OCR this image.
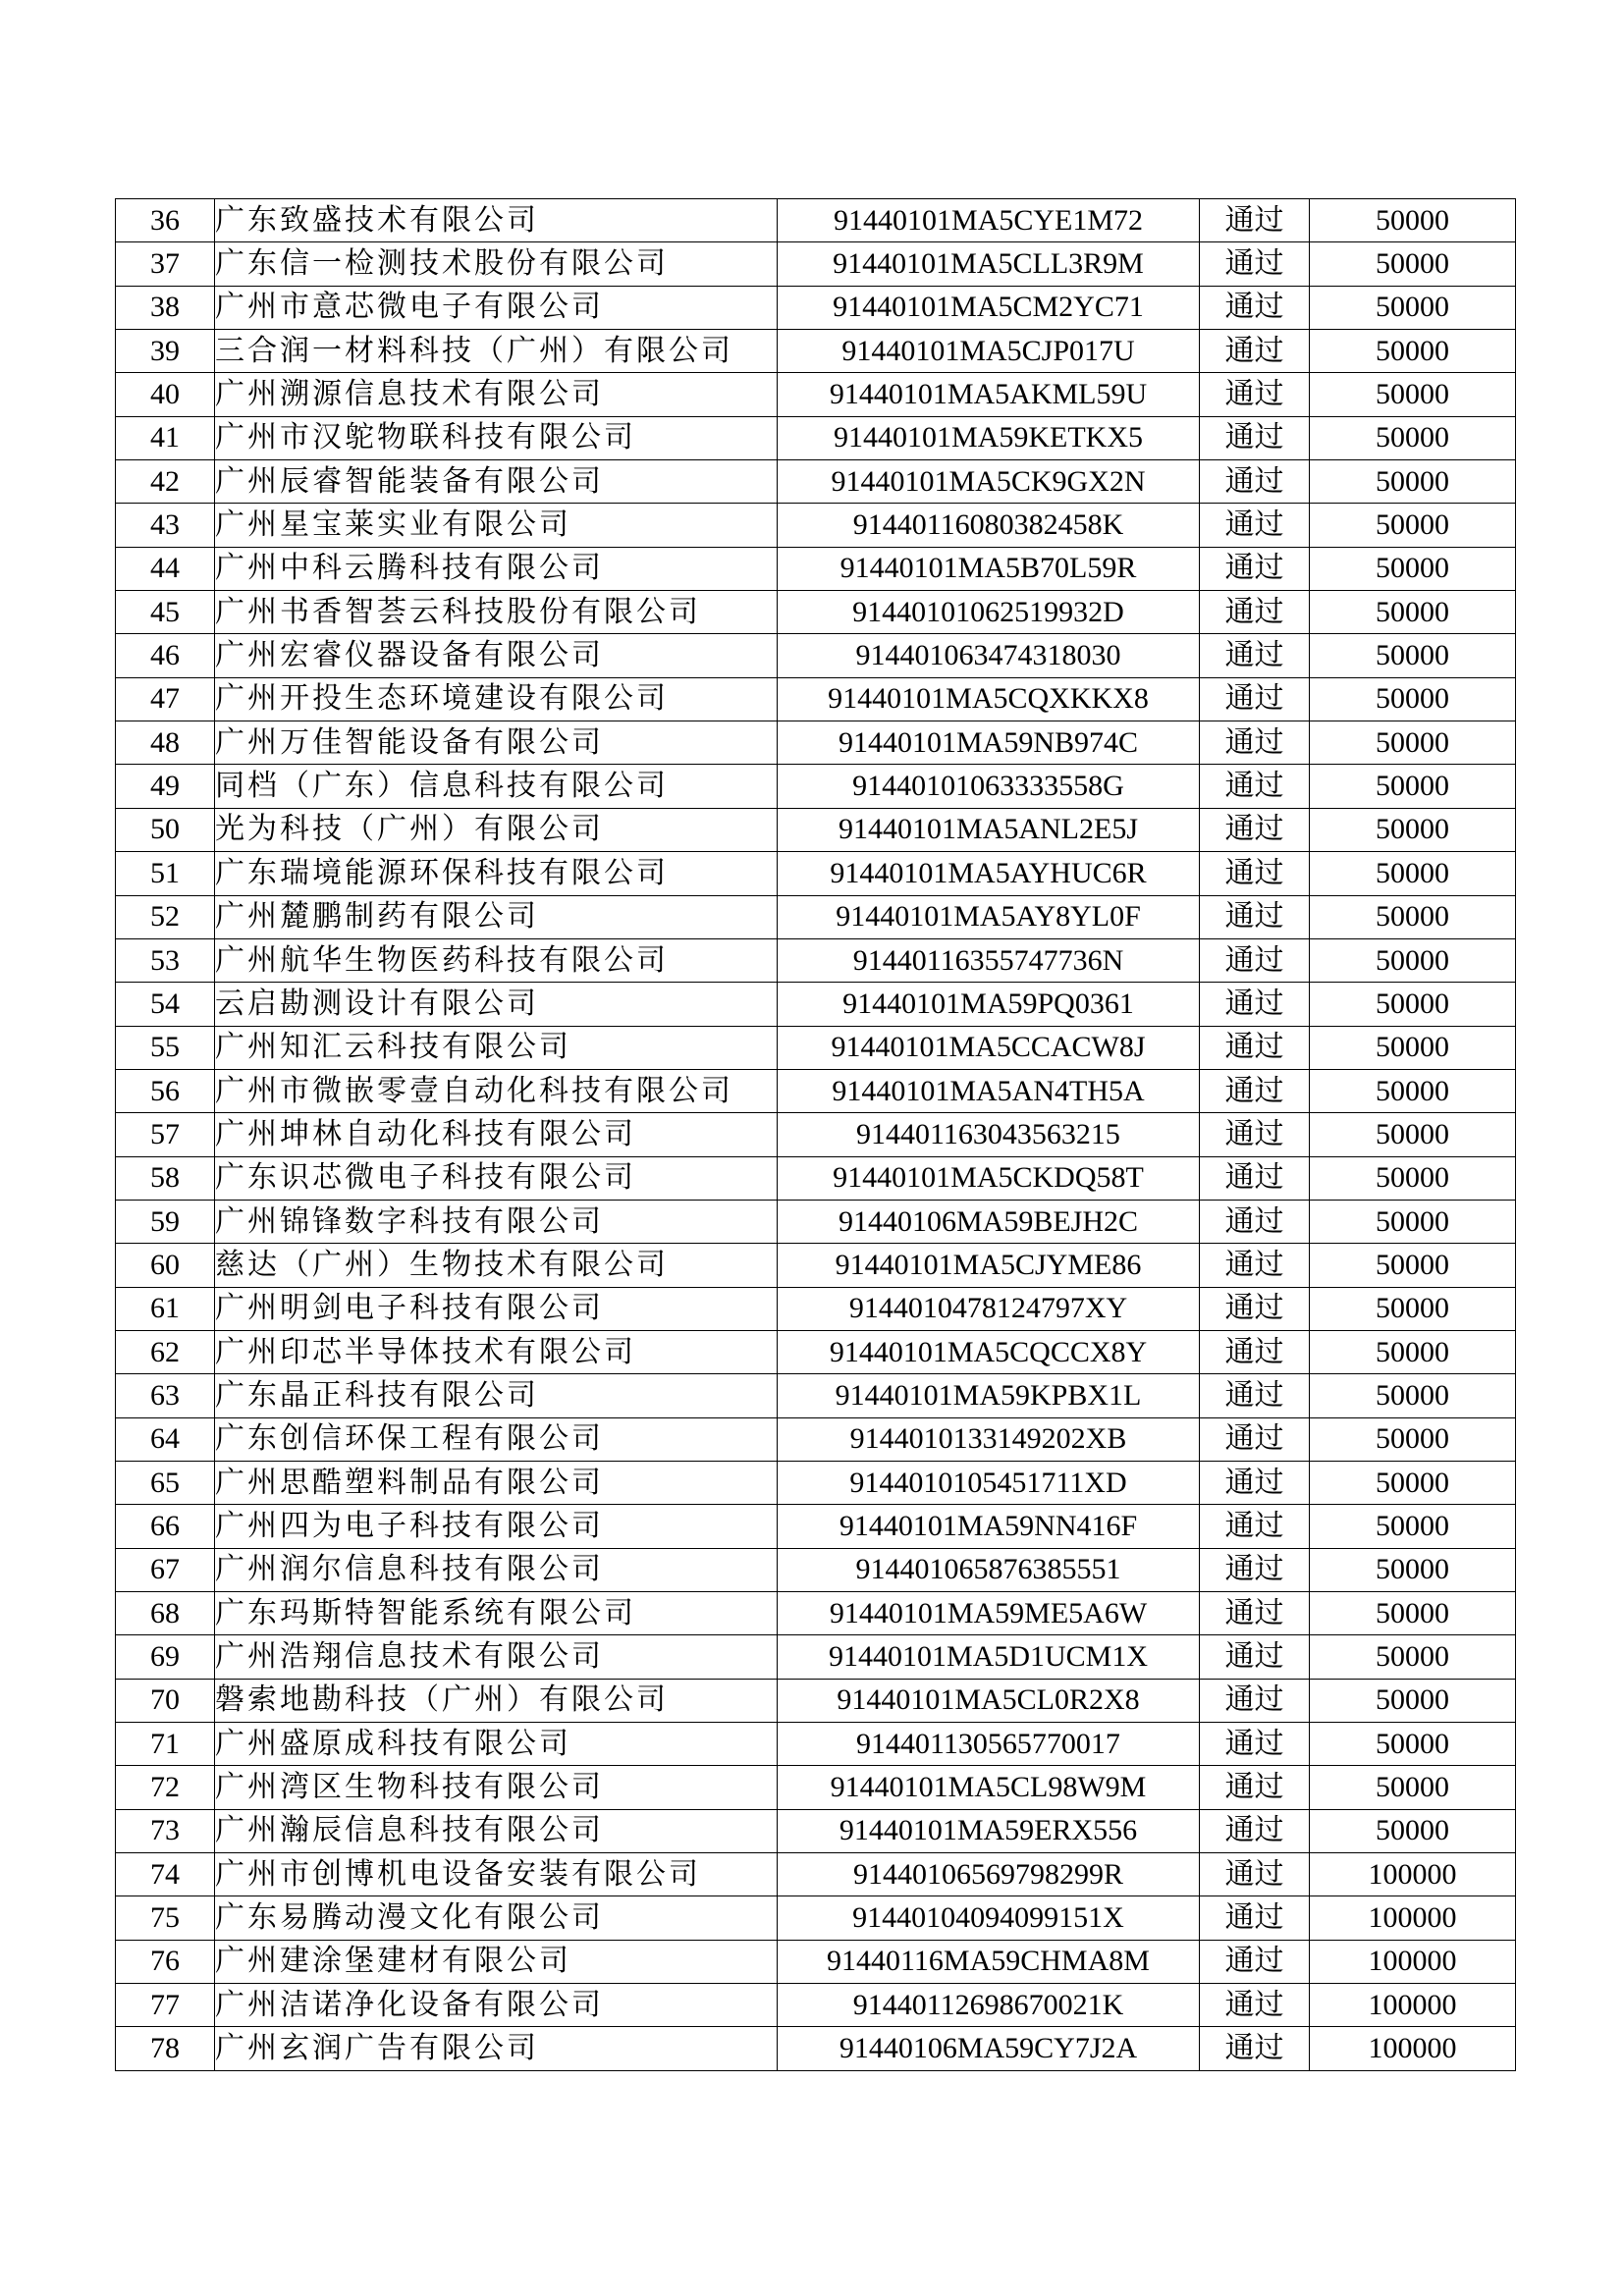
36	广东致盛技术有限公司	91440101MA5CYE1M72	通过	50000
37	广东信一检测技术股份有限公司	91440101MA5CLL3R9M	通过	50000
38	广州市意芯微电子有限公司	91440101MA5CM2YC71	通过	50000
39	三合润一材料科技（广州）有限公司	91440101MA5CJP017U	通过	50000
40	广州溯源信息技术有限公司	91440101MA5AKML59U	通过	50000
41	广州市汉鸵物联科技有限公司	91440101MA59KETKX5	通过	50000
42	广州辰睿智能装备有限公司	91440101MA5CK9GX2N	通过	50000
43	广州星宝莱实业有限公司	91440116080382458K	通过	50000
44	广州中科云腾科技有限公司	91440101MA5B70L59R	通过	50000
45	广州书香智荟云科技股份有限公司	91440101062519932D	通过	50000
46	广州宏睿仪器设备有限公司	914401063474318030	通过	50000
47	广州开投生态环境建设有限公司	91440101MA5CQXKKX8	通过	50000
48	广州万佳智能设备有限公司	91440101MA59NB974C	通过	50000
49	同档（广东）信息科技有限公司	91440101063333558G	通过	50000
50	光为科技（广州）有限公司	91440101MA5ANL2E5J	通过	50000
51	广东瑞境能源环保科技有限公司	91440101MA5AYHUC6R	通过	50000
52	广州麓鹏制药有限公司	91440101MA5AY8YL0F	通过	50000
53	广州航华生物医药科技有限公司	91440116355747736N	通过	50000
54	云启勘测设计有限公司	91440101MA59PQ0361	通过	50000
55	广州知汇云科技有限公司	91440101MA5CCACW8J	通过	50000
56	广州市微嵌零壹自动化科技有限公司	91440101MA5AN4TH5A	通过	50000
57	广州坤林自动化科技有限公司	914401163043563215	通过	50000
58	广东识芯微电子科技有限公司	91440101MA5CKDQ58T	通过	50000
59	广州锦锋数字科技有限公司	91440106MA59BEJH2C	通过	50000
60	慈达（广州）生物技术有限公司	91440101MA5CJYME86	通过	50000
61	广州明剑电子科技有限公司	9144010478124797XY	通过	50000
62	广州印芯半导体技术有限公司	91440101MA5CQCCX8Y	通过	50000
63	广东晶正科技有限公司	91440101MA59KPBX1L	通过	50000
64	广东创信环保工程有限公司	9144010133149202XB	通过	50000
65	广州思酷塑料制品有限公司	9144010105451711XD	通过	50000
66	广州四为电子科技有限公司	91440101MA59NN416F	通过	50000
67	广州润尔信息科技有限公司	914401065876385551	通过	50000
68	广东玛斯特智能系统有限公司	91440101MA59ME5A6W	通过	50000
69	广州浩翔信息技术有限公司	91440101MA5D1UCM1X	通过	50000
70	磐索地勘科技（广州）有限公司	91440101MA5CL0R2X8	通过	50000
71	广州盛原成科技有限公司	914401130565770017	通过	50000
72	广州湾区生物科技有限公司	91440101MA5CL98W9M	通过	50000
73	广州瀚辰信息科技有限公司	91440101MA59ERX556	通过	50000
74	广州市创博机电设备安装有限公司	91440106569798299R	通过	100000
75	广东易腾动漫文化有限公司	91440104094099151X	通过	100000
76	广州建涂堡建材有限公司	91440116MA59CHMA8M	通过	100000
77	广州洁诺净化设备有限公司	91440112698670021K	通过	100000
78	广州玄润广告有限公司	91440106MA59CY7J2A	通过	100000
